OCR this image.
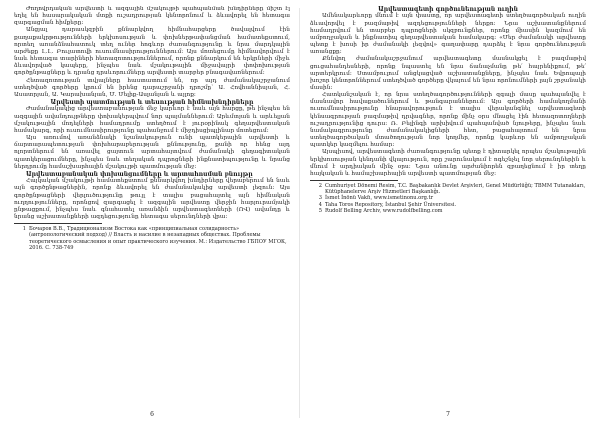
Ժողովրդական արվեստի և ազգային մշակույթի պահպանման խնդիրները միշտ էլ եղել են հասարակական մտքի ուշադրության կենտրոնում և ձևավորել են հետագա զարգացման հիմքերը։

Անցյալ դարասկզբին քննարկվող հիմնահարցերը ծավալվում էին քաղաքակրթությունների երկխոսության և փոխներթափանցման համատեքստում, որտեղ առանձնահատուկ տեղ ուներ հոգևոր ժառանգությունը և նրա մարդկային արժեքը Լ.Լ. Բուլատովի ուսումնասիրություններում։ Այս մոտեցումը հիմնավորվում է նաև հետագա տարիների հետազոտություններում, որոնք քննարկում են երկրների միջև ձևավորված կապերը, ինչպես նաև մշակութային միջավայրի փոփոխության գործընթացները և դրանց դրսևորումները արվեստի տարբեր բնագավառներում։

Հետազոտության տվյալները հաստատում են, որ այդ ժամանակաշրջանում ստեղծված գործերը կրում են իրենց դարաշրջանի դրոշմը՝ Ա. Հովհաննիսյան, Հ. Ասատրյան, Ա. Կարախանյան, Մ. Մելիք-Ասլանյան և այլոք։

Արվեստի պատմության և տեսության հիմնախնդիրները

Ժամանակակից արվեստաբանության մեջ կարևոր է նաև այն հարցը, թե ինչպես են ազգային ավանդույթները փոխակերպվում նոր պայմաններում։ Արևմտյան և արևելյան մշակութային մոդելների համադրումը ստեղծում է յուրօրինակ գեղարվեստական համակարգ, որի ուսումնասիրությունը պահանջում է միջդիսցիպլինար մոտեցում։

Այս առումով առանձնակի նշանակություն ունի պատկերային արվեստի և ճարտարապետության փոխհարաբերության քննությունը, քանի որ հենց այդ ոլորտներում են առավել ցայտուն արտահայտվում ժամանակի գեղագիտական պատկերացումները, ինչպես նաև տեղական դպրոցների ինքնատիպությունը և նրանց ներդրումը համաշխարհային մշակույթի պատմության մեջ։

Արվեստաբանական փոխանցումները և արտահոսման բնույթը

Հայկական մշակույթի համատեքստում քննարկվող խնդիրները վերաբերում են նաև այն գործընթացներին, որոնք ձևավորել են ժամանակակից արվեստի լեզուն։ Այս գործընթացների վերլուծությունը թույլ է տալիս բացահայտել այն հիմնական ուղղությունները, որոնցով զարգացել է ազգային արվեստը վերջին հարյուրամյակի ընթացքում, ինչպես նաև գնահատել առանձին արվեստագետների (ՈՎ) ավանդը և նրանց աշխատանքների ազդեցությունը հետագա սերունդների վրա։

1 Бочаров В.В., Традиционализм Востока как «принципиальная солидарность» (антропологический подход) // Власть и насилие в незападных обществах. Проблемы теоретического осмысления и опыт практического изучения. М.: Издательство ГБПОУ МГОК, 2016. С. 738-749
6
Արվեստագետի գործունեության ուղին

Ամենակարևորը մնում է այն փաստը, որ արվեստագետի ստեղծագործական ուղին ձևավորվել է բազմաթիվ ազդեցությունների ներքո։ Նրա աշխատանքներում համադրվում են տարբեր դպրոցների սկզբունքներ, որոնք միասին կազմում են ամբողջական և ինքնատիպ գեղարվեստական համակարգ։ «Մեր ժամանակի արվեստը պետք է խոսի իր ժամանակի լեզվով» գաղափարը դարձել է նրա գործունեության առանցքը։

Քննվող ժամանակաշրջանում արվեստագետը մասնակցել է բազմաթիվ ցուցահանդեսների, որոնք նպաստել են նրա ճանաչմանը թե՛ հայրենիքում, թե՛ արտերկրում։ Ստամբուլում անցկացված աշխատանքները, ինչպես նաև Եվրոպայի խոշոր կենտրոններում ստեղծված գործերը վկայում են նրա որոնումների լայն շրջանակի մասին։

Հատկանշական է, որ նրա ստեղծագործությունների զգալի մասը պահպանվել է մասնավոր հավաքածուներում և թանգարաններում։ Այս գործերի համակողմանի ուսումնասիրությունը հնարավորություն է տալիս վերականգնել արվեստագետի կենսագրության բազմաթիվ դրվագներ, որոնք մինչ օրս մնացել էին հետազոտողների ուշադրությունից դուրս։ Ռ. Բելինգի արխիվում պահպանված նյութերը, ինչպես նաև նամակագրությունը ժամանակակիցների հետ, բացահայտում են նրա ստեղծագործական մտածողության նոր կողմեր, որոնք կարևոր են ամբողջական պատկեր կազմելու համար։

Այսպիսով, արվեստագետի ժառանգությունը պետք է դիտարկել որպես մշակութային երկխոսության կենդանի վկայություն, որը շարունակում է ոգեշնչել նոր սերունդներին և մնում է արդիական մինչ օրս։ Նրա անունը արժանիորեն զբաղեցնում է իր տեղը հայկական և համաշխարհային արվեստի պատմության մեջ։

2 Cumhuriyet Dönemi Resim, T.C. Başbakanlık Devlet Arşivleri, Genel Müdürlüğü; TBMM Tutanakları, Kütüphanelerve Arşiv Hizmetleri Başkanlığı.
3 İsmet İnönü Vakfı, www.ismetinonu.org.tr
4 Taha Toros Repository, İstanbul Şehir Üniversitesi.
5 Rudolf Belling Archiv, www.rudolfbelling.com
7
